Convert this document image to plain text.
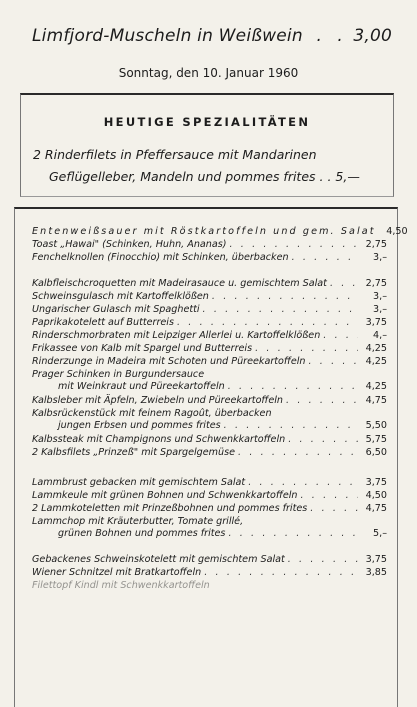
Limfjord-Muscheln in Weißwein . . 3,00
Sonntag, den 10. Januar 1960
HEUTIGE SPEZIALITÄTEN
2 Rinderfilets in Pfeffersauce mit Mandarinen
Geflügelleber, Mandeln und pommes frites . . 5,—
Entenweißsauer mit Röstkartoffeln und gem. Salat	4,50
Toast „Hawai" (Schinken, Huhn, Ananas) . . .	2,75
Fenchelknollen (Finocchio) mit Schinken, überbacken . . .	3,–
Kalbfleischcroquetten mit Madeirasauce u. gemischtem Salat . . .	2,75
Schweinsgulasch mit Kartoffelklößen . . .	3,–
Ungarischer Gulasch mit Spaghetti . . .	3,–
Paprikakotelett auf Butterreis . . .	3,75
Rinderschmorbraten mit Leipziger Allerlei u. Kartoffelklößen . . .	4,–
Frikassee von Kalb mit Spargel und Butterreis . . .	4,25
Rinderzunge in Madeira mit Schoten und Püreekartoffeln . . .	4,25
Prager Schinken in Burgundersauce
mit Weinkraut und Püreekartoffeln . . .	4,25
Kalbsleber mit Äpfeln, Zwiebeln und Püreekartoffeln . . .	4,75
Kalbsrückenstück mit feinem Ragoût, überbacken
jungen Erbsen und pommes frites . . .	5,50
Kalbssteak mit Champignons und Schwenkkartoffeln . . .	5,75
2 Kalbsfilets „Prinzeß" mit Spargelgemüse . . .	6,50
Lammbrust gebacken mit gemischtem Salat . . .	3,75
Lammkeule mit grünen Bohnen und Schwenkkartoffeln . . .	4,50
2 Lammkoteletten mit Prinzeßbohnen und pommes frites . . .	4,75
Lammchop mit Kräuterbutter, Tomate grillé,
grünen Bohnen und pommes frites . . .	5,–
Gebackenes Schweinskotelett mit gemischtem Salat . . .	3,75
Wiener Schnitzel mit Bratkartoffeln . . .	3,85
Filettopf Kindl mit Schwenkkartoffeln
